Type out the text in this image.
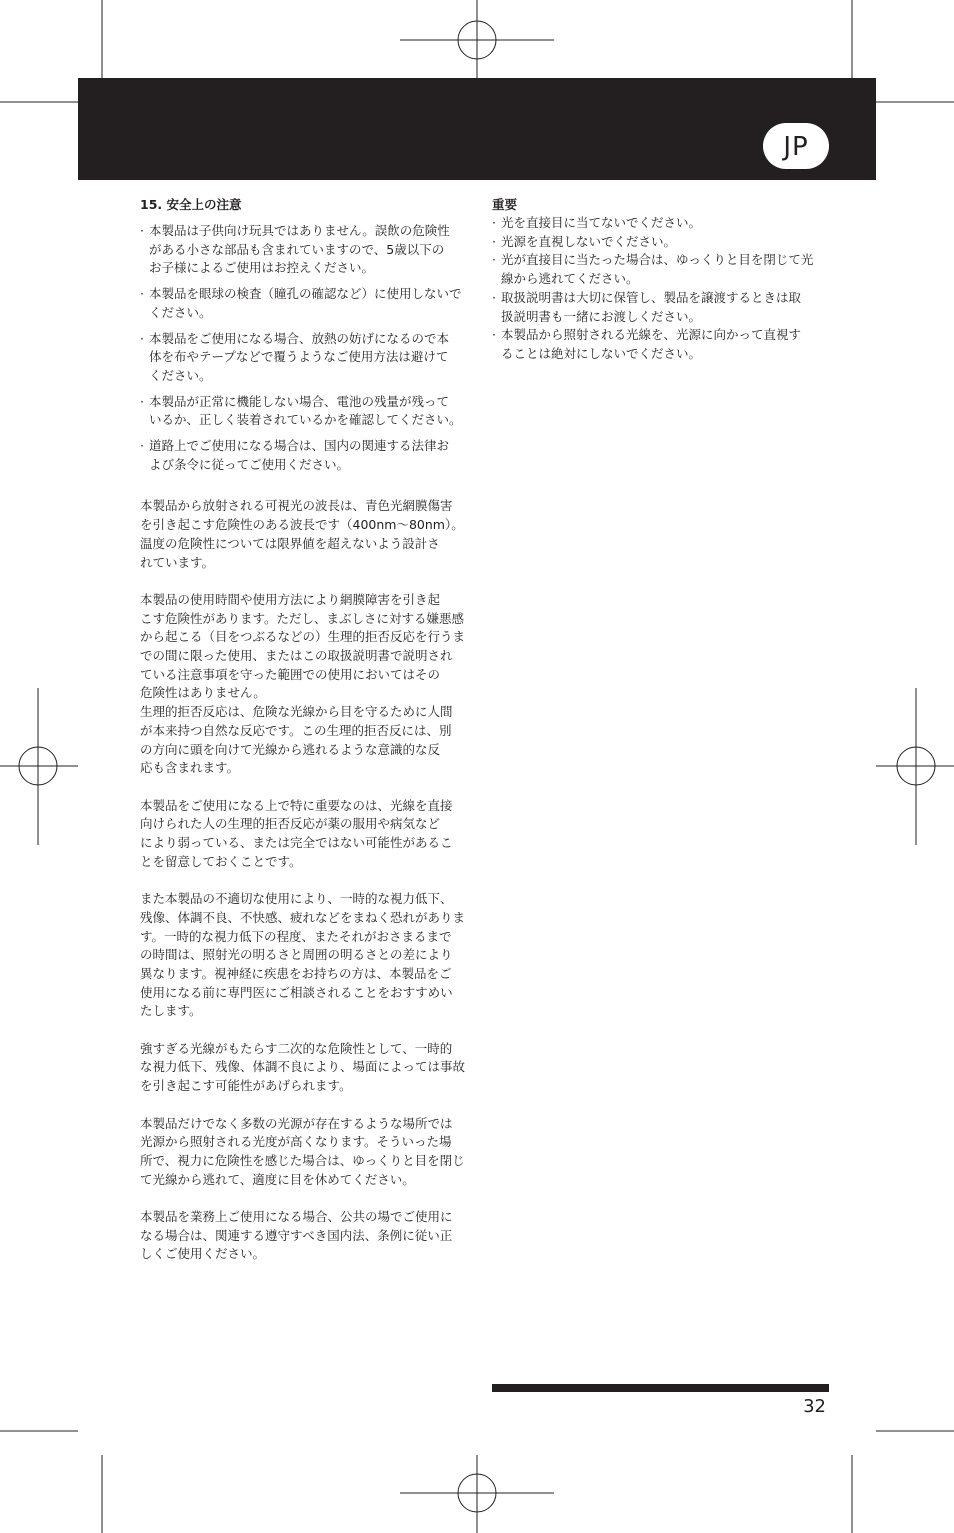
JP
15. 安全上の注意
· 本製品は子供向け玩具ではありません。誤飲の危険性
がある小さな部品も含まれていますので、5歳以下の
お子様によるご使用はお控えください。
· 本製品を眼球の検査（瞳孔の確認など）に使用しないで
ください。
· 本製品をご使用になる場合、放熱の妨げになるので本
体を布やテープなどで覆うようなご使用方法は避けて
ください。
· 本製品が正常に機能しない場合、電池の残量が残って
いるか、正しく装着されているかを確認してください。
· 道路上でご使用になる場合は、国内の関連する法律お
よび条令に従ってご使用ください。

本製品から放射される可視光の波長は、青色光網膜傷害
を引き起こす危険性のある波長です（400nm〜80nm）。
温度の危険性については限界値を超えないよう設計さ
れています。

本製品の使用時間や使用方法により網膜障害を引き起
こす危険性があります。ただし、まぶしさに対する嫌悪感
から起こる（目をつぶるなどの）生理的拒否反応を行うま
での間に限った使用、またはこの取扱説明書で説明され
ている注意事項を守った範囲での使用においてはその
危険性はありません。

生理的拒否反応は、危険な光線から目を守るために人間
が本来持つ自然な反応です。この生理的拒否反には、別
の方向に頭を向けて光線から逃れるような意識的な反
応も含まれます。

本製品をご使用になる上で特に重要なのは、光線を直接
向けられた人の生理的拒否反応が薬の服用や病気など
により弱っている、または完全ではない可能性があるこ
とを留意しておくことです。

また本製品の不適切な使用により、一時的な視力低下、
残像、体調不良、不快感、疲れなどをまねく恐れがありま
す。一時的な視力低下の程度、またそれがおさまるまで
の時間は、照射光の明るさと周囲の明るさとの差により
異なります。視神経に疾患をお持ちの方は、本製品をご
使用になる前に専門医にご相談されることをおすすめい
たします。

強すぎる光線がもたらす二次的な危険性として、一時的
な視力低下、残像、体調不良により、場面によっては事故
を引き起こす可能性があげられます。

本製品だけでなく多数の光源が存在するような場所では
光源から照射される光度が高くなります。そういった場
所で、視力に危険性を感じた場合は、ゆっくりと目を閉じ
て光線から逃れて、適度に目を休めてください。

本製品を業務上ご使用になる場合、公共の場でご使用に
なる場合は、関連する遵守すべき国内法、条例に従い正
しくご使用ください。

重要
· 光を直接目に当てないでください。
· 光源を直視しないでください。
· 光が直接目に当たった場合は、ゆっくりと目を閉じて光
線から逃れてください。
· 取扱説明書は大切に保管し、製品を譲渡するときは取
扱説明書も一緒にお渡しください。
· 本製品から照射される光線を、光源に向かって直視す
ることは絶対にしないでください。
32
